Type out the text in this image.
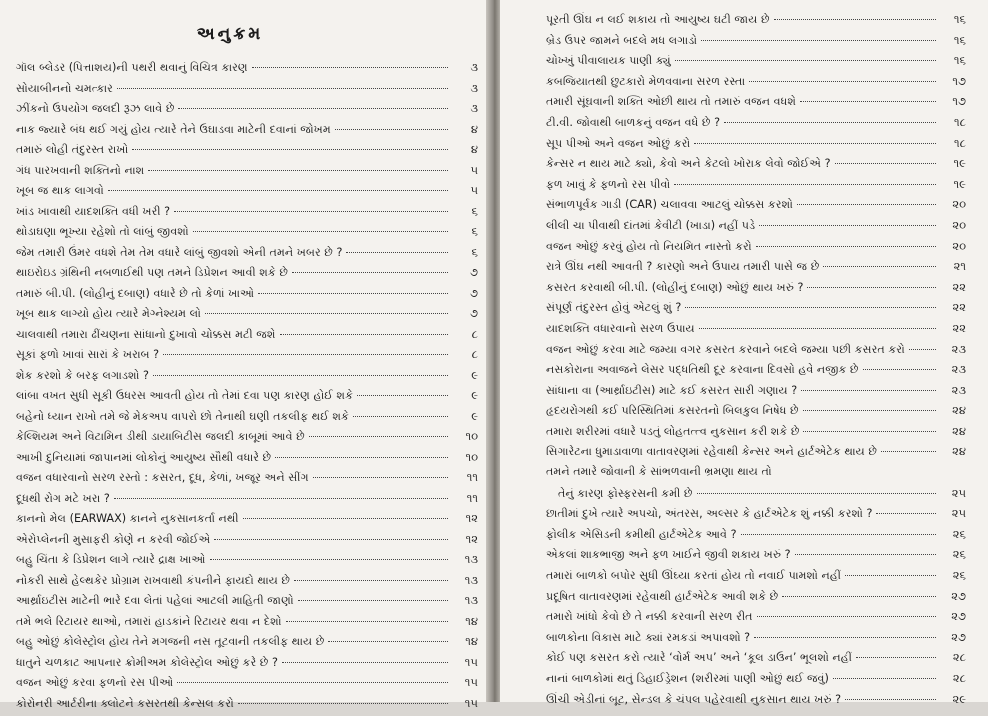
અનુક્રમ
ગૉલ બ્લેડર (પિત્તાશય)ની પથરી થવાનું વિચિત્ર કારણ	૩
સોયાબીનનો ચમત્કાર	૩
ઝીંકનો ઉપયોગ જલદી રૂઝ લાવે છે	૩
નાક જ્યારે બંધ થઈ ગયું હોય ત્યારે તેને ઉઘાડવા માટેની દવાનાં જોખમ	૪
તમારું લોહી તંદુરસ્ત રાખો	૪
ગંધ પારખવાની શક્તિનો નાશ	૫
ખૂબ જ થાક લાગવો	૫
ખાંડ ખાવાથી યાદશક્તિ વધી ખરી ?	૬
થોડાઘણા ભૂખ્યા રહેશો તો લાંબું જીવશો	૬
જેમ તમારી ઉંમર વધશે તેમ તેમ વધારે લાંબું જીવશો એની તમને ખબર છે ?	૬
થાઇરોઇડ ગ્રંથિની નબળાઈથી પણ તમને ડિપ્રેશન આવી શકે છે	૭
તમારું બી.પી. (લોહીનું દબાણ) વધારે છે તો કેળાં ખાઓ	૭
ખૂબ થાક લાગ્યો હોય ત્યારે મેગ્નેશ્યમ લો	૭
ચાલવાથી તમારા ઢીંચણના સાંધાનો દુખાવો ચોક્કસ મટી જશે	૮
સૂકાં ફળો ખાવાં સારાં કે ખરાબ ?	૮
શેક કરશો કે બરફ લગાડશો ?	૯
લાંબા વખત સુધી સૂકી ઉધરસ આવતી હોય તો તેમાં દવા પણ કારણ હોઈ શકે	૯
બહેનો ધ્યાન રાખો તમે જે મેકઅપ વાપરો છો તેનાથી ઘણી તકલીફ થઈ શકે	૯
કેલ્શિયમ અને વિટામિન ડીથી ડાયાબિટીસ જલદી કાબૂમાં આવે છે	૧૦
આખી દુનિયામાં જાપાનમાં લોકોનું આયુષ્ય સૌથી વધારે છે	૧૦
વજન વધારવાનો સરળ રસ્તો : કસરત, દૂધ, કેળાં, ખજૂર અને સીંગ	૧૧
દૂધથી રોગ મટે ખરા ?	૧૧
કાનનો મેલ (EARWAX) કાનને નુકસાનકર્તા નથી	૧૨
એરોપ્લેનની મુસાફરી કોણે ન કરવી જોઈએ	૧૨
બહુ ચિંતા કે ડિપ્રેશન લાગે ત્યારે દ્રાક્ષ ખાઓ	૧૩
નોકરી સાથે હેલ્થકેર પ્રોગ્રામ રાખવાથી કંપનીને ફાયદો થાય છે	૧૩
આર્થ્રાઇટીસ માટેની ભારે દવા લેતાં પહેલાં આટલી માહિતી જાણો	૧૩
તમે ભલે રિટાયર થાઓ, તમારાં હાડકાંને રિટાયર થવા ન દેશો	૧૪
બહુ ઓછું કોલેસ્ટ્રોલ હોય તેને મગજની નસ તૂટવાની તકલીફ થાય છે	૧૪
ધાતુને ચળકાટ આપનાર ક્રોમીઅમ કોલેસ્ટ્રોલ ઓછું કરે છે ?	૧૫
વજન ઓછું કરવા ફળનો રસ પીઓ	૧૫
કોરોનરી આર્ટરીના ક્લોટને કસરતથી કેન્સલ કરો	૧૫
પૂરતી ઊંઘ ન લઈ શકાય તો આયુષ્ય ઘટી જાય છે	૧૬
બ્રેડ ઉપર જામને બદલે મધ લગાડો	૧૬
ચોખ્ખું પીવાલાયક પાણી ક્યું	૧૬
કબજિયાતથી છુટકારો મેળવવાના સરળ રસ્તા	૧૭
તમારી સૂંઘવાની શક્તિ ઓછી થાય તો તમારું વજન વધશે	૧૭
ટી.વી. જોવાથી બાળકનું વજન વધે છે ?	૧૮
સૂપ પીઓ અને વજન ઓછું કરો	૧૮
કેન્સર ન થાય માટે ક્યો, કેવો અને કેટલો ખોરાક લેવો જોઈએ ?	૧૯
ફળ ખાવું કે ફળનો રસ પીવો	૧૯
સંભાળપૂર્વક ગાડી (CAR) ચલાવવા આટલું ચોક્કસ કરશો	૨૦
લીલી ચા પીવાથી દાંતમાં કેવીટી (ખાડા) નહીં પડે	૨૦
વજન ઓછું કરવું હોય તો નિયમિત નાસ્તો કરો	૨૦
રાત્રે ઊંઘ નથી આવતી ? કારણો અને ઉપાય તમારી પાસે જ છે	૨૧
કસરત કરવાથી બી.પી. (લોહીનું દબાણ) ઓછું થાય ખરું ?	૨૨
સંપૂર્ણ તંદુરસ્ત હોવું એટલું શું ?	૨૨
યાદશક્તિ વધારવાનો સરળ ઉપાય	૨૨
વજન ઓછું કરવા માટે જમ્યા વગર કસરત કરવાને બદલે જમ્યા પછી કસરત કરો	૨૩
નસકોરાના અવાજને લેસર પદ્ધતિથી દૂર કરવાના દિવસો હવે નજીક છે	૨૩
સાંધાના વા (આર્થ્રાઇટીસ) માટે કઈ કસરત સારી ગણાય ?	૨૩
હૃદયરોગથી કઈ પરિસ્થિતિમાં કસરતનો બિલકુલ નિષેધ છે	૨૪
તમારા શરીરમાં વધારે પડતું લોહતત્ત્વ નુકસાન કરી શકે છે	૨૪
સિગારેટના ધુમાડાવાળા વાતાવરણમાં રહેવાથી કેન્સર અને હાર્ટએટેક થાય છે	૨૪
તમને તમારે જોવાની કે સાંભળવાની ભ્રમણા થાય તો
તેનું કારણ ફોસ્ફરસની કમી છે	૨૫
છાતીમાં દુખે ત્યારે અપચો, અંતરસ, અલ્સર કે હાર્ટએટેક શું નક્કી કરશો ?	૨૫
ફોલીક એસિડની કમીથી હાર્ટએટેક આવે ?	૨૬
એકલાં શાકભાજી અને ફળ ખાઈને જીવી શકાય ખરું ?	૨૬
તમારાં બાળકો બપોર સુધી ઊંઘ્યા કરતાં હોય તો નવાઈ પામશો નહીં	૨૬
પ્રદૂષિત વાતાવરણમાં રહેવાથી હાર્ટએટેક આવી શકે છે	૨૭
તમારો ખાંધો કેવો છે તે નક્કી કરવાની સરળ રીત	૨૭
બાળકોના વિકાસ માટે ક્યાં રમકડાં અપાવશો ?	૨૭
કોઈ પણ કસરત કરો ત્યારે ‘વોર્મ અપ’ અને ‘કૂલ ડાઉન’ ભૂલશો નહીં	૨૮
નાનાં બાળકોમાં થતું ડિહાઈડ્રેશન (શરીરમાં પાણી ઓછું થઈ જવું)	૨૮
ઊંચી એડીનાં બૂટ, સેન્ડલ કે ચંપલ પહેરવાથી નુકસાન થાય ખરું ?	૨૯
